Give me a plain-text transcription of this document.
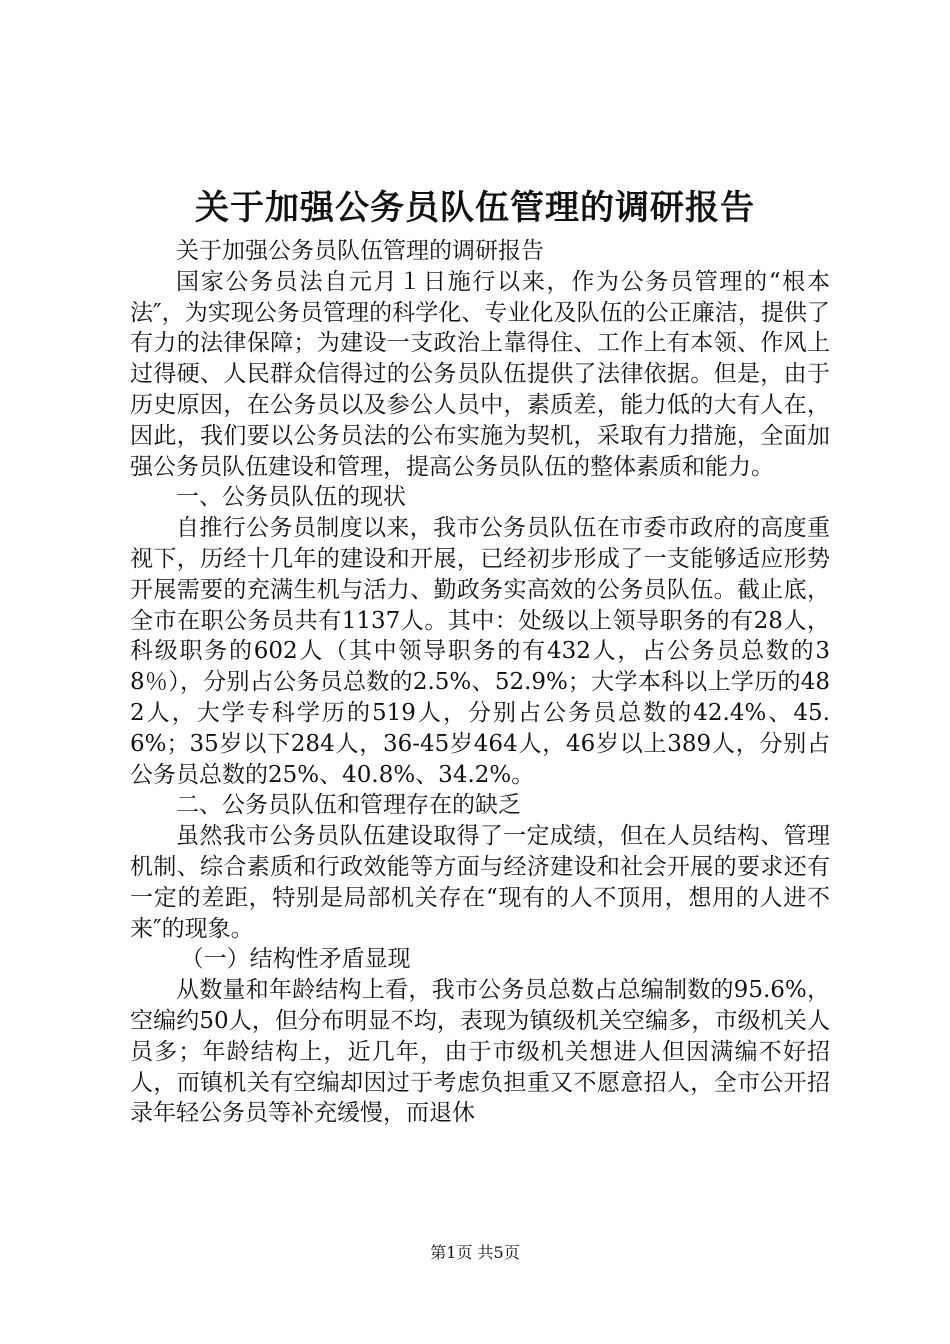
关于加强公务员队伍管理的调研报告

关于加强公务员队伍管理的调研报告

国家公务员法自元月１日施行以来，作为公务员管理的“根本法″，为实现公务员管理的科学化、专业化及队伍的公正廉洁，提供了有力的法律保障；为建设一支政治上靠得住、工作上有本领、作风上过得硬、人民群众信得过的公务员队伍提供了法律依据。但是，由于历史原因，在公务员以及参公人员中，素质差，能力低的大有人在，因此，我们要以公务员法的公布实施为契机，采取有力措施，全面加强公务员队伍建设和管理，提高公务员队伍的整体素质和能力。

一、公务员队伍的现状

自推行公务员制度以来，我市公务员队伍在市委市政府的高度重视下，历经十几年的建设和开展，已经初步形成了一支能够适应形势开展需要的充满生机与活力、勤政务实高效的公务员队伍。截止底，全市在职公务员共有1137人。其中：处级以上领导职务的有28人，科级职务的602人（其中领导职务的有432人，占公务员总数的38％），分别占公务员总数的2.5%、52.9%；大学本科以上学历的482人，大学专科学历的519人，分别占公务员总数的42.4%、45.6%；35岁以下284人，36-45岁464人，46岁以上389人，分别占公务员总数的25%、40.8%、34.2%。

二、公务员队伍和管理存在的缺乏

虽然我市公务员队伍建设取得了一定成绩，但在人员结构、管理机制、综合素质和行政效能等方面与经济建设和社会开展的要求还有一定的差距，特别是局部机关存在“现有的人不顶用，想用的人进不来″的现象。

（一）结构性矛盾显现

从数量和年龄结构上看，我市公务员总数占总编制数的95.6%，空编约50人，但分布明显不均，表现为镇级机关空编多，市级机关人员多；年龄结构上，近几年，由于市级机关想进人但因满编不好招人，而镇机关有空编却因过于考虑负担重又不愿意招人，全市公开招录年轻公务员等补充缓慢，而退休

第1页 共5页
